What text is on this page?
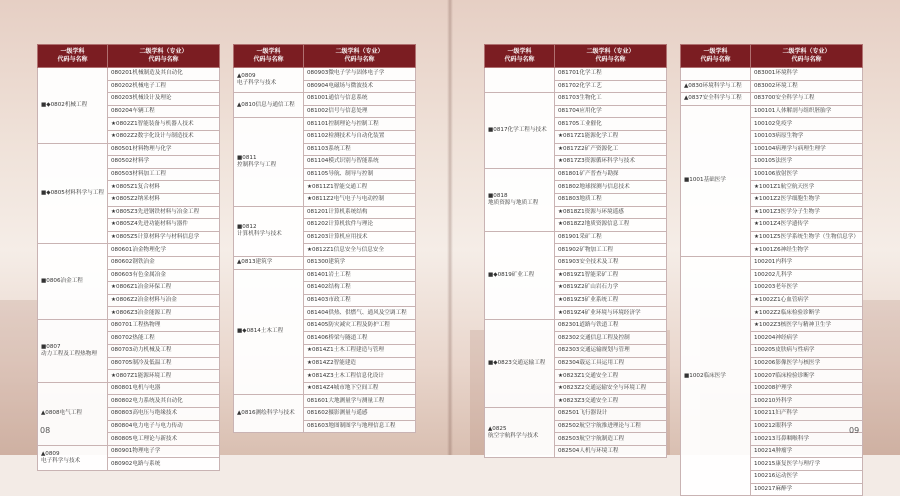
一级学科
代码与名称	二级学科（专业）
代码与名称
■◆0802机械工程	080201机械制造及其自动化
	080202机械电子工程
	080203机械设计及理论
	080204车辆工程
	★0802Z1智能装备与机器人技术
	★0802Z2数字化设计与制造技术
■◆0805材料科学与工程	080501材料物理与化学
	080502材料学
	080503材料加工工程
	★0805Z1复合材料
	★0805Z2纳米材料
	★0805Z3先进钢铁材料与冶金工程
	★0805Z4先进功能材料与器件
	★0805Z5计算材料学与材料信息学
■0806冶金工程	080601冶金物理化学
	080602钢铁冶金
	080603有色金属冶金
	★0806Z1冶金环保工程
	★0806Z2冶金材料与冶金
	★0806Z3冶金能源工程
■0807
动力工程及工程热物理	080701工程热物理
	080702热能工程
	080703动力机械及工程
	080705制冷及低温工程
	★0807Z1能源环境工程
▲0808电气工程	080801电机与电器
	080802电力系统及其自动化
	080803高电压与绝缘技术
	080804电力电子与电力传动
	080805电工理论与新技术
▲0809
电子科学与技术	080901物理电子学
	080902电路与系统
一级学科
代码与名称	二级学科（专业）
代码与名称
▲0809
电子科学与技术	080903微电子学与固体电子学
	080904电磁场与微波技术
▲0810信息与通信工程	081001通信与信息系统
	081002信号与信息处理
■0811
控制科学与工程	081101控制理论与控制工程
	081102检测技术与自动化装置
	081103系统工程
	081104模式识别与智能系统
	081105导航、制导与控制
	★0811Z1智能交通工程
	★0811Z2电气电子与电动控制
■0812
计算机科学与技术	081201计算机系统结构
	081202计算机软件与理论
	081203计算机应用技术
	★0812Z1信息安全与信息安全
▲0813建筑学	081300建筑学
■◆0814土木工程	081401岩土工程
	081402结构工程
	081403市政工程
	081404供热、供燃气、通风及空调工程
	081405防灾减灾工程及防护工程
	081406桥梁与隧道工程
	★0814Z1土木工程建造与管理
	★0814Z2智能建造
	★0814Z3土木工程信息化设计
	★0814Z4城市地下空间工程
▲0816测绘科学与技术	081601大地测量学与测量工程
	081602摄影测量与遥感
	081603地图制图学与地理信息工程
一级学科
代码与名称	二级学科（专业）
代码与名称
	081701化学工程
	081702化学工艺
■0817化学工程与技术	081703生物化工
	081704应用化学
	081705工业催化
	★0817Z1能源化学工程
	★0817Z2矿产资源化工
	★0817Z3资源循环科学与技术
■0818
地质资源与地质工程	081801矿产普查与勘探
	081802地球探测与信息技术
	081803地质工程
	★0818Z1资源与环境遥感
	★0818Z2地质资源信息工程
■◆0819矿业工程	081901采矿工程
	081902矿物加工工程
	081903安全技术及工程
	★0819Z1智能采矿工程
	★0819Z2矿山岩石力学
	★0819Z3矿业系统工程
	★0819Z4矿业环境与环境经济学
■◆0823交通运输工程	082301道路与铁道工程
	082302交通信息工程及控制
	082303交通运输规划与管理
	082304载运工具运用工程
	★0823Z1交通安全工程
	★0823Z2交通运输安全与环境工程
	★0823Z3交通安全工程
▲0825
航空宇航科学与技术	082501飞行器设计
	082502航空宇航推进理论与工程
	082503航空宇航制造工程
	082504人机与环境工程
一级学科
代码与名称	二级学科（专业）
代码与名称
	083001环境科学
▲0830环境科学与工程	083002环境工程
▲0837安全科学与工程	083700安全科学与工程
■1001基础医学	100101人体解剖与组织胚胎学
	100102免疫学
	100103病原生物学
	100104病理学与病理生理学
	100105法医学
	100106放射医学
	★1001Z1航空航天医学
	★1001Z2医学细胞生物学
	★1001Z3医学分子生物学
	★1001Z4医学遗传学
	★1001Z5医学系统生物学（生物信息学）
	★1001Z6神经生物学
■1002临床医学	100201内科学
	100202儿科学
	100203老年医学
	★1002Z1心血管病学
	★1002Z2临床检验诊断学
	★1002Z3核医学与精神卫生学
	100204神经病学
	100205皮肤病与性病学
	100206影像医学与核医学
	100207临床检验诊断学
	100208护理学
	100210外科学
	100211妇产科学
	100212眼科学
	100213耳鼻咽喉科学
	100214肿瘤学
	100215康复医学与理疗学
	100216运动医学
	100217麻醉学
08	09
